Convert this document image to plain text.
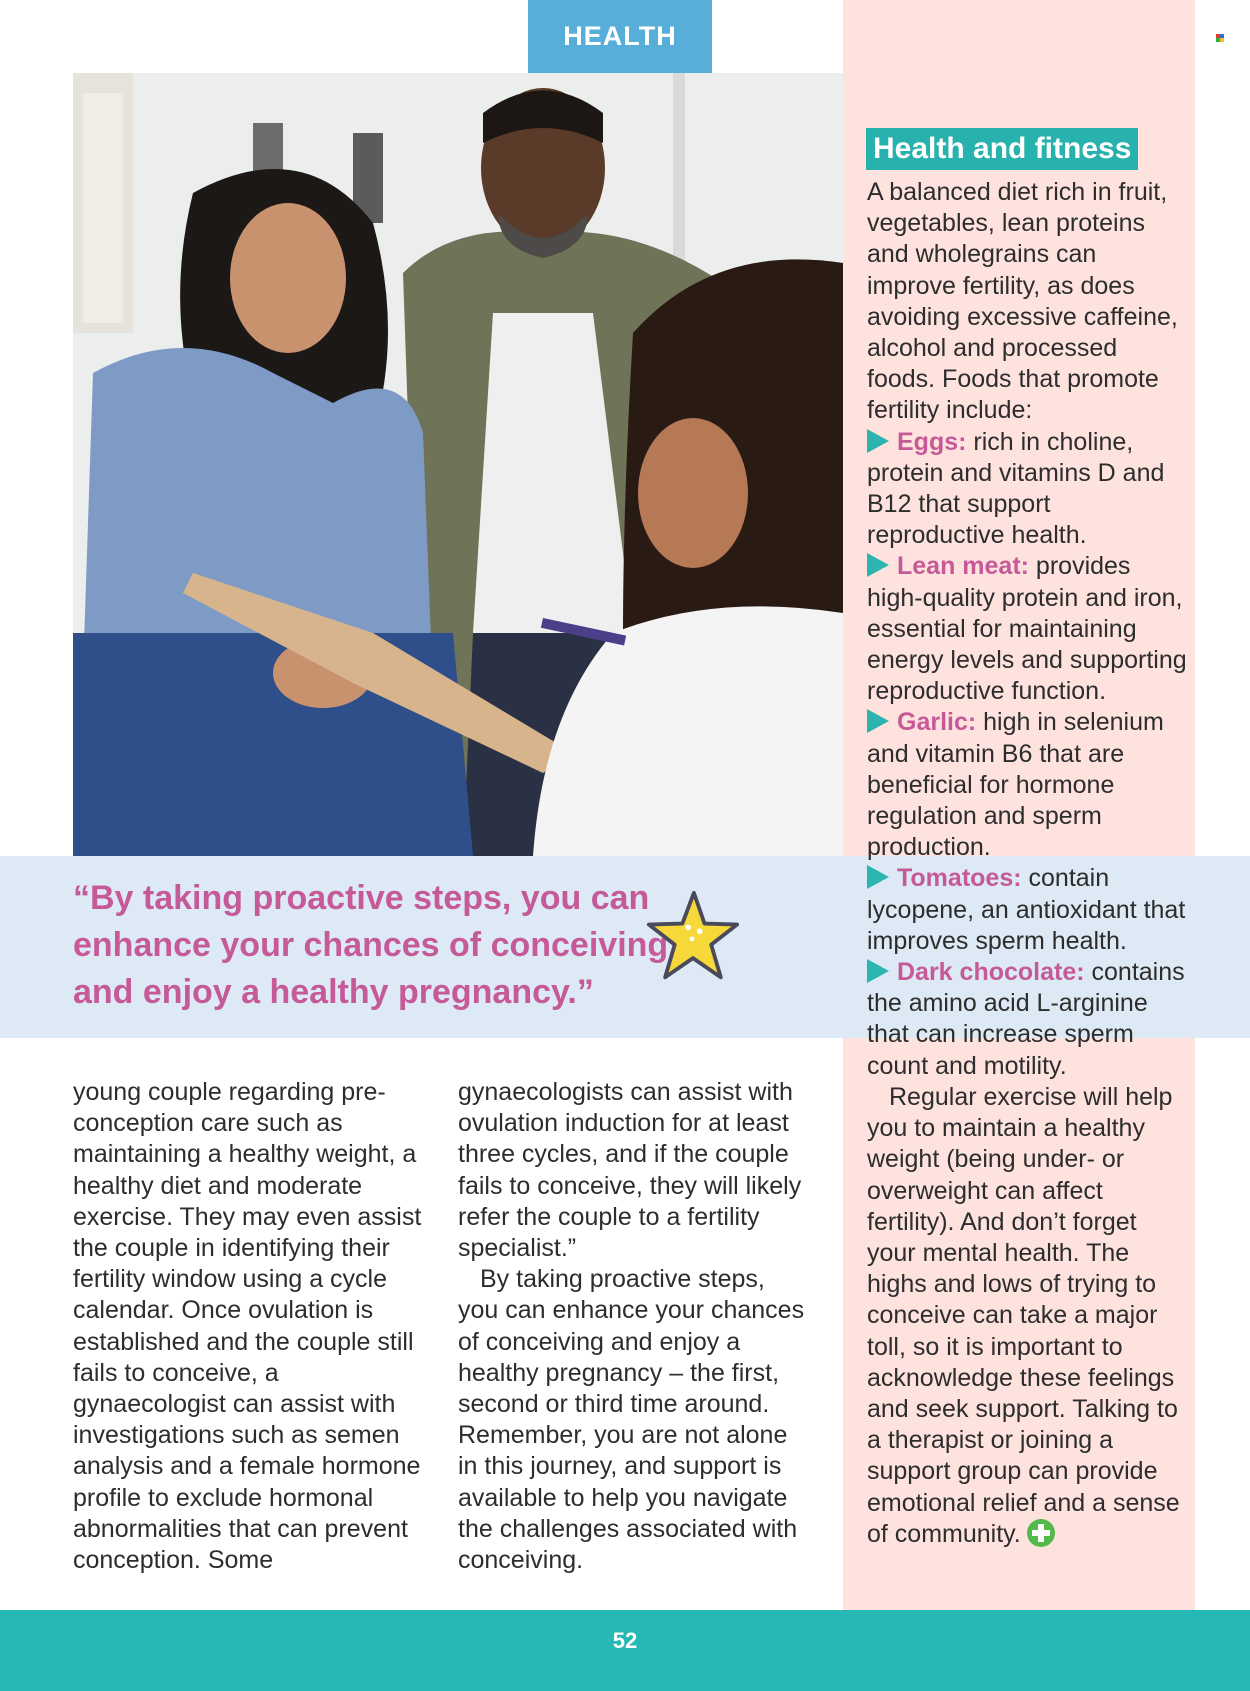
HEALTH
“By taking proactive steps, you can
enhance your chances of conceiving
and enjoy a healthy pregnancy.”
Health and fitness

A balanced diet rich in fruit, vegetables, lean proteins and wholegrains can improve fertility, as does avoiding excessive caffeine, alcohol and processed foods. Foods that promote fertility include:

Eggs: rich in choline, protein and vitamins D and B12 that support reproductive health.

Lean meat: provides high-quality protein and iron, essential for maintaining energy levels and supporting reproductive function.

Garlic: high in selenium and vitamin B6 that are beneficial for hormone regulation and sperm production.

Tomatoes: contain lycopene, an antioxidant that improves sperm health.

Dark chocolate: contains the amino acid L-arginine that can increase sperm count and motility.

Regular exercise will help you to maintain a healthy weight (being under- or overweight can affect fertility). And don’t forget your mental health. The highs and lows of trying to conceive can take a major toll, so it is important to acknowledge these feelings and seek support. Talking to a therapist or joining a support group can provide emotional relief and a sense of community.

young couple regarding pre-conception care such as maintaining a healthy weight, a healthy diet and moderate exercise. They may even assist the couple in identifying their fertility window using a cycle calendar. Once ovulation is established and the couple still fails to conceive, a gynaecologist can assist with investigations such as semen analysis and a female hormone profile to exclude hormonal abnormalities that can prevent conception. Some

gynaecologists can assist with ovulation induction for at least three cycles, and if the couple fails to conceive, they will likely refer the couple to a fertility specialist.”

By taking proactive steps, you can enhance your chances of conceiving and enjoy a healthy pregnancy – the first, second or third time around. Remember, you are not alone in this journey, and support is available to help you navigate the challenges associated with conceiving.

52
